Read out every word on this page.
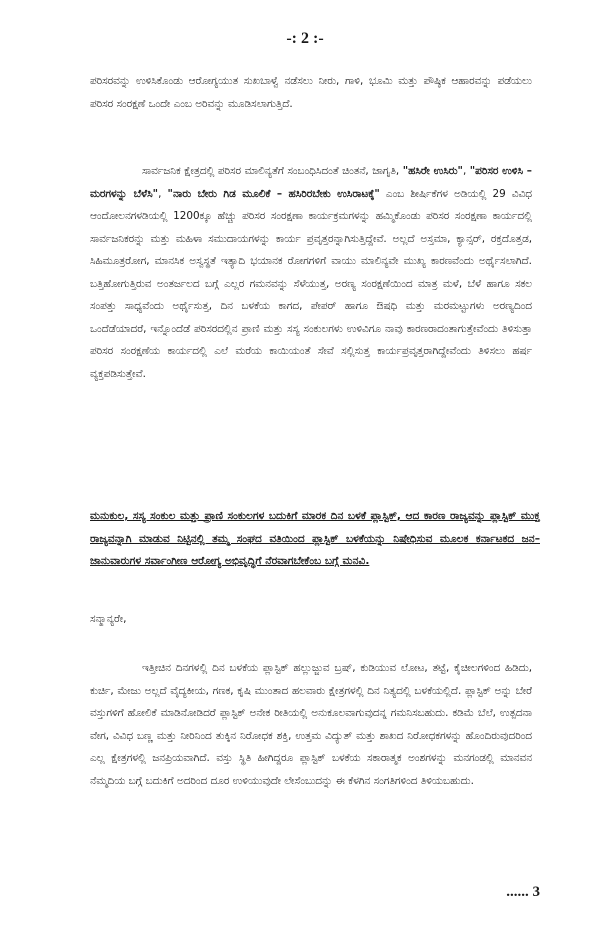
-: 2 :-

ಪರಿಸರವನ್ನು ಉಳಿಸಿಕೊಂಡು ಆರೋಗ್ಯಯುತ ಸುಖಬಾಳ್ವೆ ನಡೆಸಲು ನೀರು, ಗಾಳಿ, ಭೂಮಿ ಮತ್ತು ಪೌಷ್ಠಿಕ ಆಹಾರವನ್ನು ಪಡೆಯಲು ಪರಿಸರ ಸಂರಕ್ಷಣೆ ಒಂದೇ ಎಂಬ ಅರಿವನ್ನು ಮೂಡಿಸಲಾಗುತ್ತಿದೆ.

ಸಾರ್ವಜನಿಕ ಕ್ಷೇತ್ರದಲ್ಲಿ ಪರಿಸರ ಮಾಲಿನ್ಯತೆಗೆ ಸಂಬಂಧಿಸಿದಂತೆ ಚಿಂತನೆ, ಜಾಗೃತಿ, "ಹಸಿರೇ ಉಸಿರು", "ಪರಿಸರ ಉಳಿಸಿ – ಮರಗಳನ್ನು ಬೆಳೆಸಿ", "ನಾರು ಬೇರು ಗಿಡ ಮೂಲಿಕೆ – ಹಸಿರಿರಬೇಕು ಉಸಿರಾಟಕ್ಕೆ" ಎಂಬ ಶೀರ್ಷಿಕೆಗಳ ಅಡಿಯಲ್ಲಿ 29 ವಿವಿಧ ಆಂದೋಲನಗಳಡಿಯಲ್ಲಿ 1200ಕ್ಕೂ ಹೆಚ್ಚು ಪರಿಸರ ಸಂರಕ್ಷಣಾ ಕಾರ್ಯಕ್ರಮಗಳನ್ನು ಹಮ್ಮಿಕೊಂಡು ಪರಿಸರ ಸಂರಕ್ಷಣಾ ಕಾರ್ಯದಲ್ಲಿ ಸಾರ್ವಜನಿಕರನ್ನು ಮತ್ತು ಮಹಿಳಾ ಸಮುದಾಯಗಳನ್ನು ಕಾರ್ಯ ಪ್ರವೃತ್ತರನ್ನಾಗಿಸುತ್ತಿದ್ದೇವೆ. ಅಲ್ಲದೆ ಅಸ್ತಮಾ, ಕ್ಯಾನ್ಸರ್, ರಕ್ತದೊತ್ತಡ, ಸಿಹಿಮೂತ್ರರೋಗ, ಮಾನಸಿಕ ಅಸ್ವಸ್ಥತೆ ಇತ್ಯಾದಿ ಭಯಾನಕ ರೋಗಗಳಿಗೆ ವಾಯು ಮಾಲಿನ್ಯವೇ ಮುಖ್ಯ ಕಾರಣವೆಂದು ಅರ್ಥೈಸಲಾಗಿದೆ. ಬತ್ತಿಹೋಗುತ್ತಿರುವ ಅಂತರ್ಜಲದ ಬಗ್ಗೆ ಎಲ್ಲರ ಗಮನವನ್ನು ಸೆಳೆಯುತ್ತ, ಅರಣ್ಯ ಸಂರಕ್ಷಣೆಯಿಂದ ಮಾತ್ರ ಮಳೆ, ಬೆಳೆ ಹಾಗೂ ಸಕಲ ಸಂಪತ್ತು ಸಾಧ್ಯವೆಂದು ಅರ್ಥೈಸುತ್ತ, ದಿನ ಬಳಕೆಯ ಕಾಗದ, ಪೇಪರ್ ಹಾಗೂ ಔಷಧಿ ಮತ್ತು ಮರಮಟ್ಟುಗಳು ಅರಣ್ಯದಿಂದ ಒಂದೆಡೆಯಾದರೆ, ಇನ್ನೊಂದೆಡೆ ಪರಿಸರದಲ್ಲಿನ ಪ್ರಾಣಿ ಮತ್ತು ಸಸ್ಯ ಸಂಕುಲಗಳು ಉಳಿವಿಗೂ ನಾವು ಕಾರಣರಾದಂತಾಗುತ್ತೇವೆಂದು ತಿಳಿಸುತ್ತಾ ಪರಿಸರ ಸಂರಕ್ಷಣೆಯ ಕಾರ್ಯದಲ್ಲಿ ಎಲೆ ಮರೆಯ ಕಾಯಿಯಂತೆ ಸೇವೆ ಸಲ್ಲಿಸುತ್ತ ಕಾರ್ಯಪ್ರವೃತ್ತರಾಗಿದ್ದೇವೆಂದು ತಿಳಿಸಲು ಹರ್ಷ ವ್ಯಕ್ತಪಡಿಸುತ್ತೇವೆ.

ಮನುಕುಲ, ಸಸ್ಯ ಸಂಕುಲ ಮತ್ತು ಪ್ರಾಣಿ ಸಂಕುಲಗಳ ಬದುಕಿಗೆ ಮಾರಕ ದಿನ ಬಳಕೆ ಪ್ಲಾಸ್ಟಿಕ್, ಆದ ಕಾರಣ ರಾಜ್ಯವನ್ನು ಪ್ಲಾಸ್ಟಿಕ್ ಮುಕ್ತ ರಾಜ್ಯವನ್ನಾಗಿ ಮಾಡುವ ನಿಟ್ಟಿನಲ್ಲಿ ತಮ್ಮ ಸಂಘದ ವತಿಯಿಂದ ಪ್ಲಾಸ್ಟಿಕ್ ಬಳಕೆಯನ್ನು ನಿಷೇಧಿಸುವ ಮೂಲಕ ಕರ್ನಾಟಕದ ಜನ–ಜಾನುವಾರುಗಳ ಸರ್ವಾಂಗೀಣ ಆರೋಗ್ಯ ಅಭಿವೃದ್ಧಿಗೆ ನೆರವಾಗಬೇಕೆಂಬ ಬಗ್ಗೆ ಮನವಿ.

ಸನ್ಮಾನ್ಯರೇ,

ಇತ್ತೀಚಿನ ದಿನಗಳಲ್ಲಿ ದಿನ ಬಳಕೆಯ ಪ್ಲಾಸ್ಟಿಕ್ ಹಲ್ಲುಜ್ಜುವ ಬ್ರಷ್, ಕುಡಿಯುವ ಲೋಟ, ತಟ್ಟೆ, ಕೈಚೀಲಗಳಿಂದ ಹಿಡಿದು, ಕುರ್ಚಿ, ಮೇಜು ಅಲ್ಲದೆ ವೈದ್ಯಕೀಯ, ಗಣಕ, ಕೃಷಿ ಮುಂತಾದ ಹಲವಾರು ಕ್ಷೇತ್ರಗಳಲ್ಲಿ ದಿನ ನಿತ್ಯದಲ್ಲಿ ಬಳಕೆಯಲ್ಲಿದೆ. ಪ್ಲಾಸ್ಟಿಕ್ ಅನ್ನು ಬೇರೆ ವಸ್ತುಗಳಿಗೆ ಹೋಲಿಕೆ ಮಾಡಿನೋಡಿದರೆ ಪ್ಲಾಸ್ಟಿಕ್ ಅನೇಕ ರೀತಿಯಲ್ಲಿ ಅನುಕೂಲವಾಗುವುದನ್ನ ಗಮನಿಸಬಹುದು. ಕಡಿಮೆ ಬೆಲೆ, ಉತ್ಪದನಾ ವೇಗ, ವಿವಿಧ ಬಣ್ಣ ಮತ್ತು ನೀರಿನಿಂದ ತುಕ್ಕಿನ ನಿರೋಧಕ ಶಕ್ತಿ, ಉತ್ತಮ ವಿದ್ಯುತ್ ಮತ್ತು ಶಾಖದ ನಿರೋಧಕಗಳನ್ನು ಹೊಂದಿರುವುದರಿಂದ ಎಲ್ಲ ಕ್ಷೇತ್ರಗಳಲ್ಲಿ ಜನಪ್ರಿಯವಾಗಿದೆ. ವಸ್ತು ಸ್ಥಿತಿ ಹೀಗಿದ್ದರೂ ಪ್ಲಾಸ್ಟಿಕ್ ಬಳಕೆಯ ಸಕಾರಾತ್ಮಕ ಅಂಶಗಳನ್ನು ಮನಗಂಡಲ್ಲಿ ಮಾನವನ ನೆಮ್ಮದಿಯ ಬಗ್ಗೆ ಬದುಕಿಗೆ ಅದರಿಂದ ದೂರ ಉಳಿಯುವುದೇ ಲೇಸೆಂಬುದನ್ನು ಈ ಕೆಳಗಿನ ಸಂಗತಿಗಳಿಂದ ತಿಳಿಯಬಹುದು.

...... 3
